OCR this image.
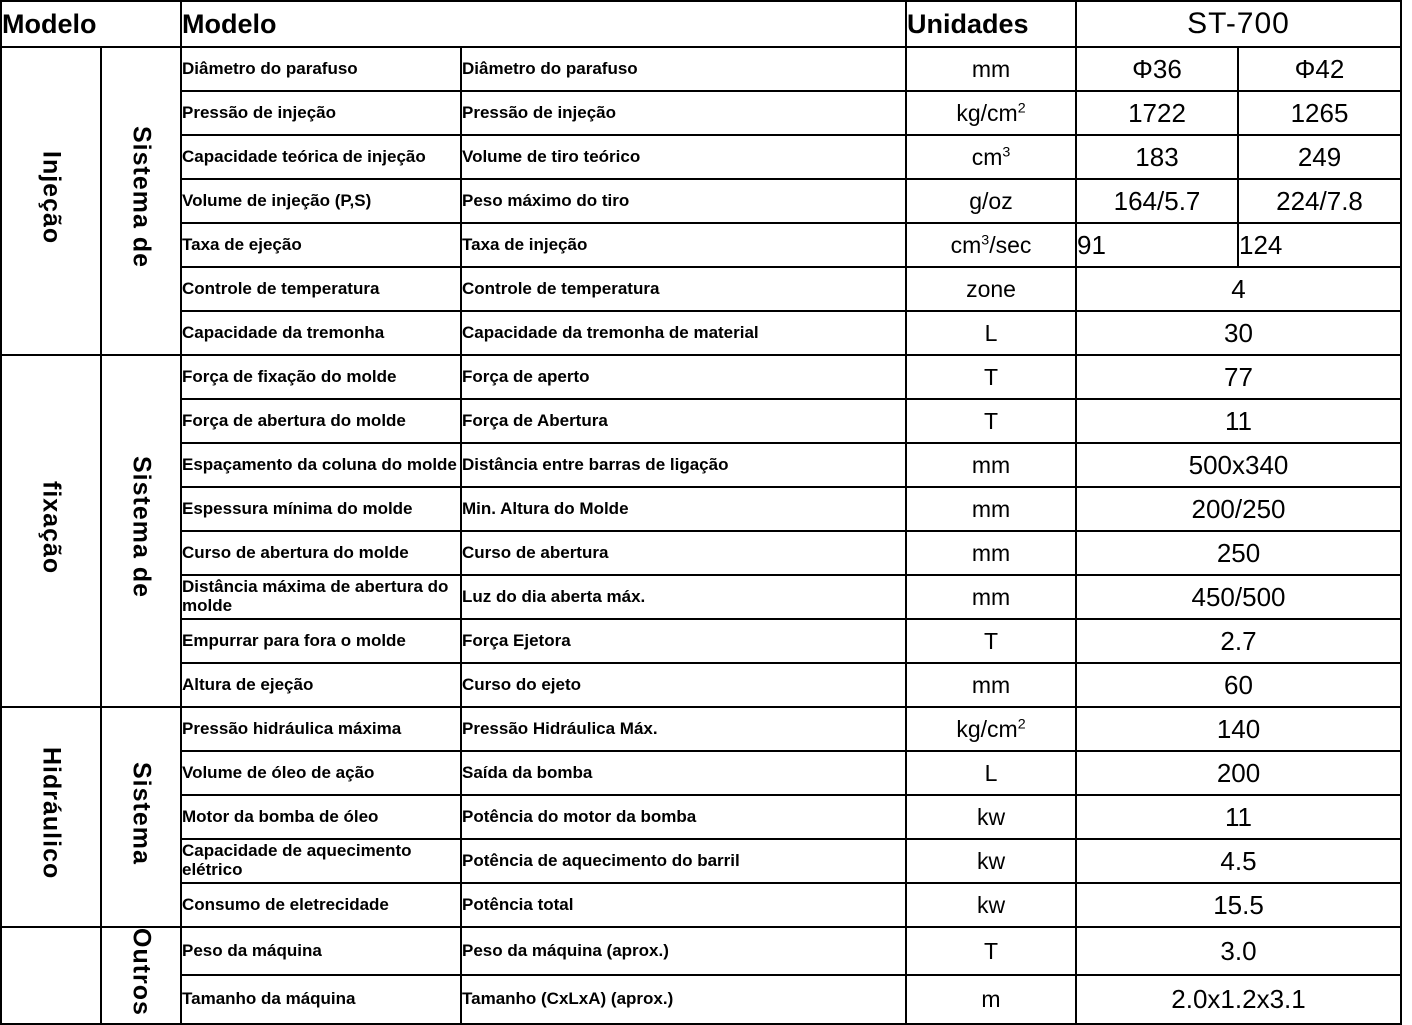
Modelo		Modelo		Unidades	ST-700	
Injeção	Sistema de	Diâmetro do parafuso	Diâmetro do parafuso	mm	Φ36	Φ42
		Pressão de injeção	Pressão de injeção	$kg/cm^2$	1722	1265
		Capacidade teórica de injeção	Volume de tiro teórico	$cm^3$	183	249
		Volume de injeção (P,S)	Peso máximo do tiro	g/oz	164/5.7	224/7.8
		Taxa de ejeção	Taxa de injeção	$cm^3/\sec$	91	124
		Controle de temperatura	Controle de temperatura	zone	4	
		Capacidade da tremonha	Capacidade da tremonha de material	L	30	
fixação	Sistema de	Força de fixação do molde	Força de aperto	T	77	
		Força de abertura do molde	Força de Abertura	T	11	
		Espaçamento da coluna do molde	Distância entre barras de ligação	mm	500x340	
		Espessura mínima do molde	Min. Altura do Molde	mm	200/250	
		Curso de abertura do molde	Curso de abertura	mm	250	
		Distância máxima de abertura do molde	Luz do dia aberta máx.	mm	450/500	
		Empurrar para fora o molde	Força Ejetora	T	2.7	
		Altura de ejeção	Curso do ejeto	mm	60	
Hidráulico	Sistema	Pressão hidráulica máxima	Pressão Hidráulica Máx.	$kg/cm^2$	140	
		Volume de óleo de ação	Saída da bomba	L	200	
		Motor da bomba de óleo	Potência do motor da bomba	kw	11	
		Capacidade de aquecimento elétrico	Potência de aquecimento do barril	kw	4.5	
		Consumo de eletrecidade	Potência total	kw	15.5	
	Outros	Peso da máquina	Peso da máquina (aprox.)	T	3.0	
		Tamanho da máquina	Tamanho (CxLxA) (aprox.)	m	2.0x1.2x3.1	
